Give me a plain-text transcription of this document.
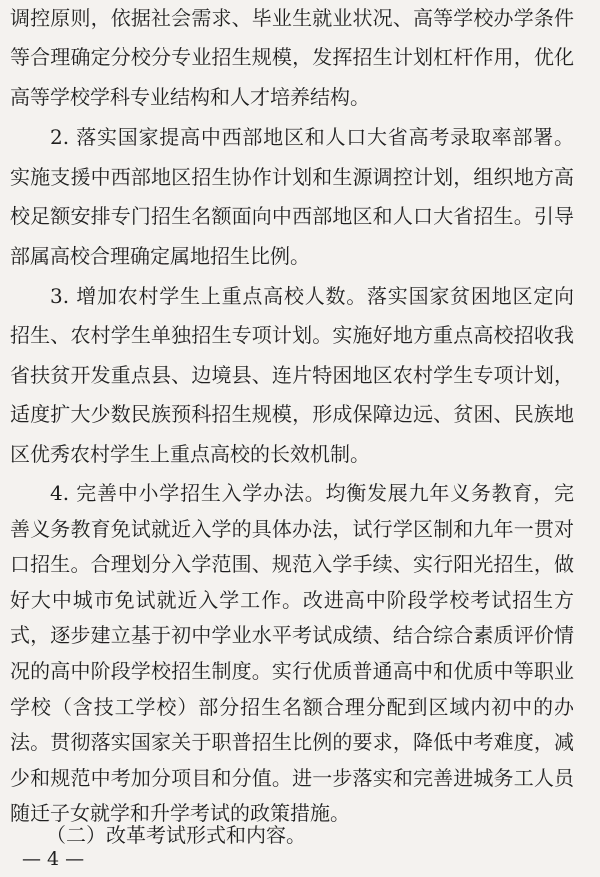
调控原则，依据社会需求、毕业生就业状况、高等学校办学条件
等合理确定分校分专业招生规模，发挥招生计划杠杆作用，优化
高等学校学科专业结构和人才培养结构。
2. 落实国家提高中西部地区和人口大省高考录取率部署。
实施支援中西部地区招生协作计划和生源调控计划，组织地方高
校足额安排专门招生名额面向中西部地区和人口大省招生。引导
部属高校合理确定属地招生比例。
3. 增加农村学生上重点高校人数。落实国家贫困地区定向
招生、农村学生单独招生专项计划。实施好地方重点高校招收我
省扶贫开发重点县、边境县、连片特困地区农村学生专项计划，
适度扩大少数民族预科招生规模，形成保障边远、贫困、民族地
区优秀农村学生上重点高校的长效机制。
4. 完善中小学招生入学办法。均衡发展九年义务教育，完
善义务教育免试就近入学的具体办法，试行学区制和九年一贯对
口招生。合理划分入学范围、规范入学手续、实行阳光招生，做
好大中城市免试就近入学工作。改进高中阶段学校考试招生方
式，逐步建立基于初中学业水平考试成绩、结合综合素质评价情
况的高中阶段学校招生制度。实行优质普通高中和优质中等职业
学校（含技工学校）部分招生名额合理分配到区域内初中的办
法。贯彻落实国家关于职普招生比例的要求，降低中考难度，减
少和规范中考加分项目和分值。进一步落实和完善进城务工人员
随迁子女就学和升学考试的政策措施。
（二）改革考试形式和内容。
— 4 —
